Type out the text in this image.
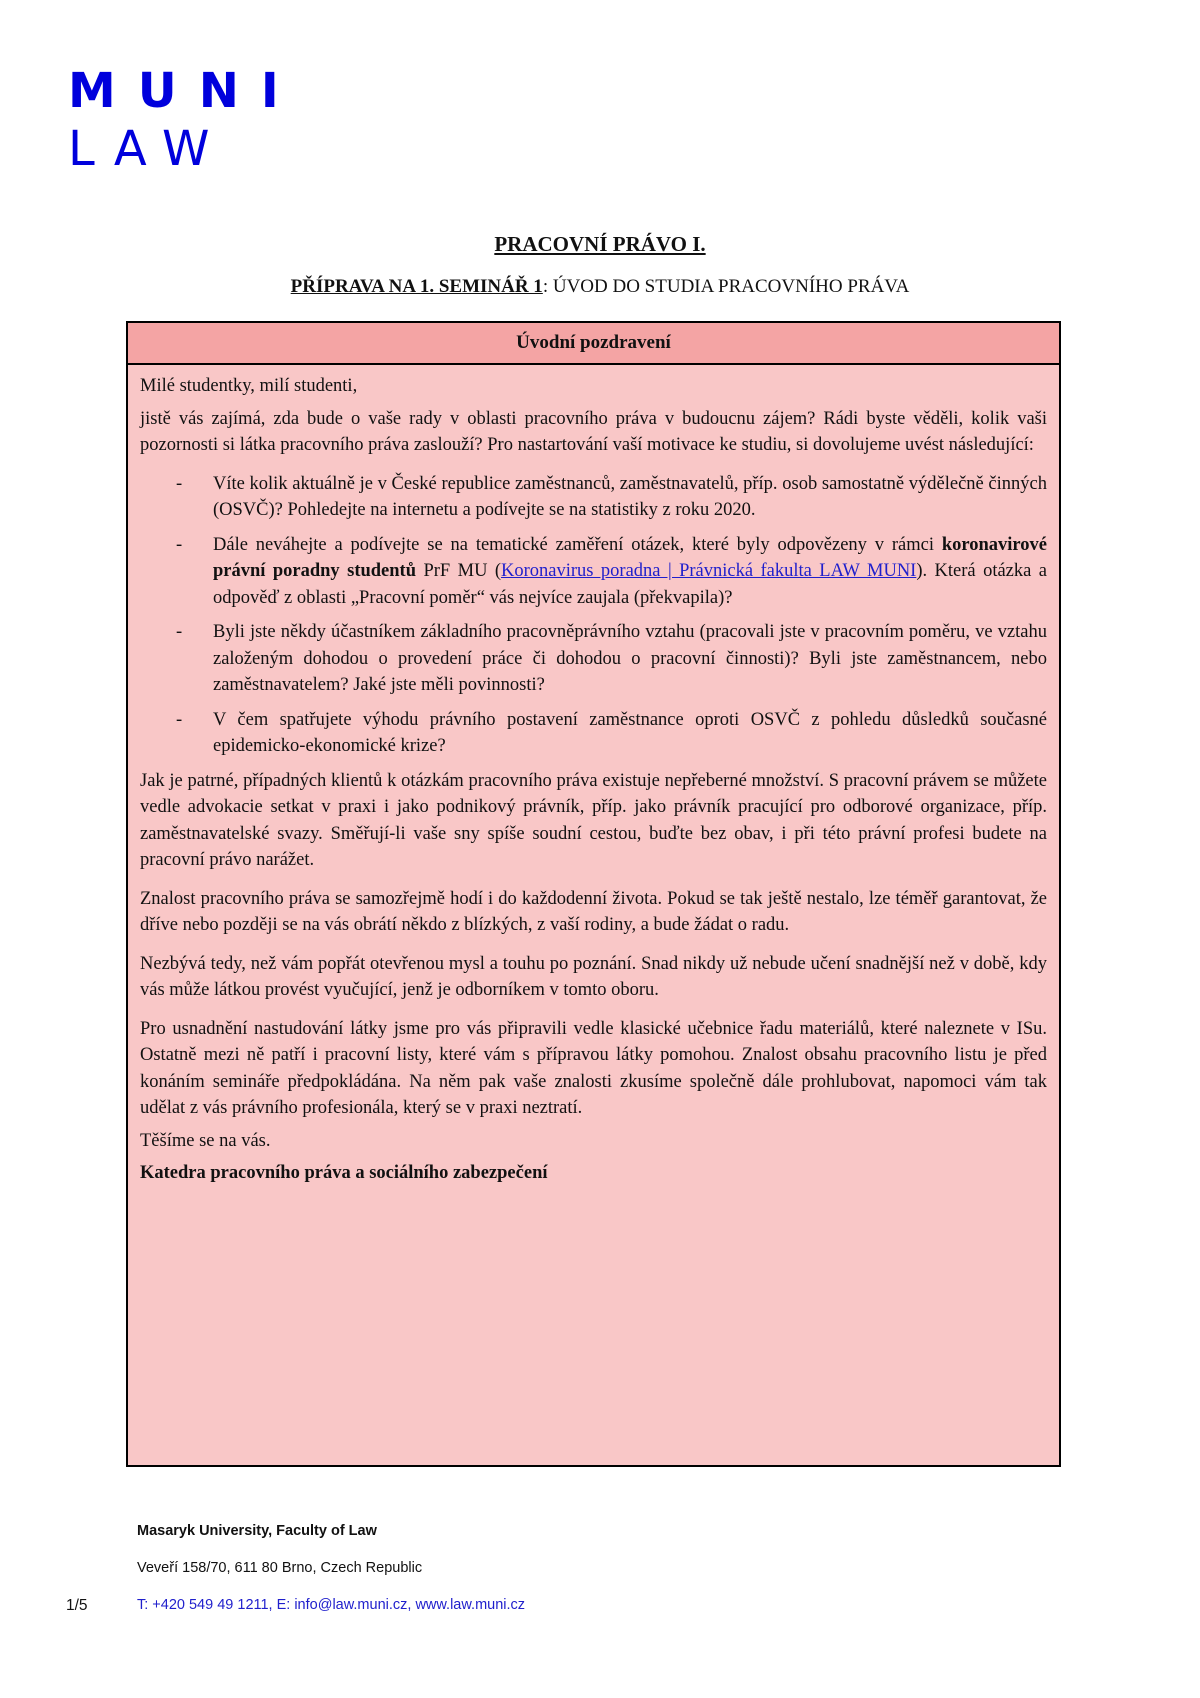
MUNI
LAW
PRACOVNÍ PRÁVO I.
PŘÍPRAVA NA 1. SEMINÁŘ 1: ÚVOD DO STUDIA PRACOVNÍHO PRÁVA
Úvodní pozdravení

Milé studentky, milí studenti,

jistě vás zajímá, zda bude o vaše rady v oblasti pracovního práva v budoucnu zájem? Rádi byste věděli, kolik vaši pozornosti si látka pracovního práva zaslouží? Pro nastartování vaší motivace ke studiu, si dovolujeme uvést následující:

- Víte kolik aktuálně je v České republice zaměstnanců, zaměstnavatelů, příp. osob samostatně výdělečně činných (OSVČ)? Pohledejte na internetu a podívejte se na statistiky z roku 2020.
- Dále neváhejte a podívejte se na tematické zaměření otázek, které byly odpovězeny v rámci koronavirové právní poradny studentů PrF MU (Koronavirus poradna | Právnická fakulta LAW MUNI). Která otázka a odpověď z oblasti „Pracovní poměr“ vás nejvíce zaujala (překvapila)?
- Byli jste někdy účastníkem základního pracovněprávního vztahu (pracovali jste v pracovním poměru, ve vztahu založeným dohodou o provedení práce či dohodou o pracovní činnosti)? Byli jste zaměstnancem, nebo zaměstnavatelem? Jaké jste měli povinnosti?
- V čem spatřujete výhodu právního postavení zaměstnance oproti OSVČ z pohledu důsledků současné epidemicko-ekonomické krize?

Jak je patrné, případných klientů k otázkám pracovního práva existuje nepřeberné množství. S pracovní právem se můžete vedle advokacie setkat v praxi i jako podnikový právník, příp. jako právník pracující pro odborové organizace, příp. zaměstnavatelské svazy. Směřují-li vaše sny spíše soudní cestou, buďte bez obav, i při této právní profesi budete na pracovní právo narážet.

Znalost pracovního práva se samozřejmě hodí i do každodenní života. Pokud se tak ještě nestalo, lze téměř garantovat, že dříve nebo později se na vás obrátí někdo z blízkých, z vaší rodiny, a bude žádat o radu.

Nezbývá tedy, než vám popřát otevřenou mysl a touhu po poznání. Snad nikdy už nebude učení snadnější než v době, kdy vás může látkou provést vyučující, jenž je odborníkem v tomto oboru.

Pro usnadnění nastudování látky jsme pro vás připravili vedle klasické učebnice řadu materiálů, které naleznete v ISu. Ostatně mezi ně patří i pracovní listy, které vám s přípravou látky pomohou. Znalost obsahu pracovního listu je před konáním semináře předpokládána. Na něm pak vaše znalosti zkusíme společně dále prohlubovat, napomoci vám tak udělat z vás právního profesionála, který se v praxi neztratí.

Těšíme se na vás.

Katedra pracovního práva a sociálního zabezpečení

Masaryk University, Faculty of Law
Veveří 158/70, 611 80 Brno, Czech Republic
T: +420 549 49 1211, E: info@law.muni.cz, www.law.muni.cz
1/5
